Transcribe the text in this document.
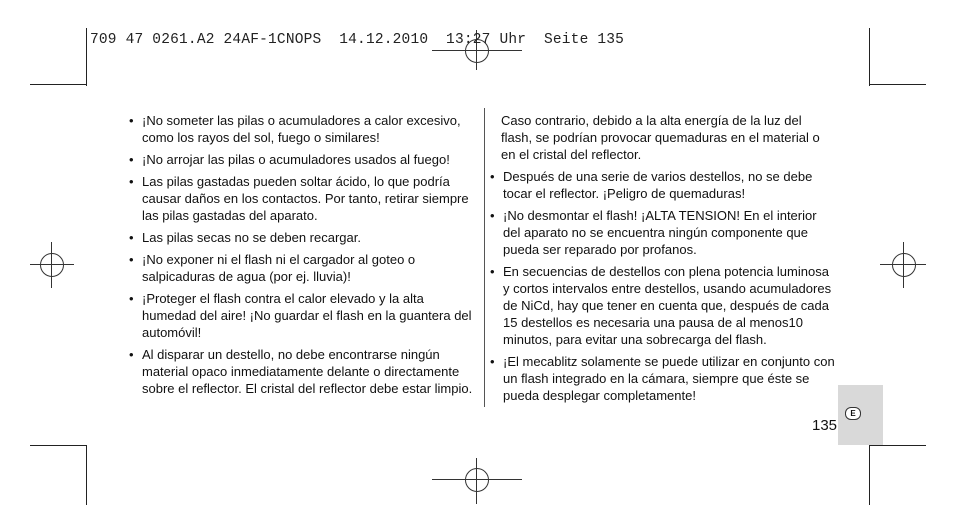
709 47 0261.A2 24AF-1CNOPS  14.12.2010  13:27 Uhr  Seite 135
• ¡No someter las pilas o acumuladores a calor excesivo, como los rayos del sol, fuego o similares!
• ¡No arrojar las pilas o acumuladores usados al fuego!
• Las pilas gastadas pueden soltar ácido, lo que podría causar daños en los contactos. Por tanto, retirar siempre las pilas gastadas del aparato.
• Las pilas secas no se deben recargar.
• ¡No exponer ni el flash ni el cargador al goteo o salpicaduras de agua (por ej. lluvia)!
• ¡Proteger el flash contra el calor elevado y la alta humedad del aire! ¡No guardar el flash en la guantera del automóvil!
• Al disparar un destello, no debe encontrarse ningún material opaco inmediatamente delante o directamente sobre el reflector. El cristal del reflector debe estar limpio.
Caso contrario, debido a la alta energía de la luz del flash, se podrían provocar quemaduras en el material o en el cristal del reflector.
• Después de una serie de varios destellos, no se debe tocar el reflector. ¡Peligro de quemaduras!
• ¡No desmontar el flash! ¡ALTA TENSION! En el interior del aparato no se encuentra ningún componente que pueda ser reparado por profanos.
• En secuencias de destellos con plena potencia luminosa y cortos intervalos entre destellos, usando acumuladores de NiCd, hay que tener en cuenta que, después de cada 15 destellos es necesaria una pausa de al menos10 minutos, para evitar una sobrecarga del flash.
• ¡El mecablitz solamente se puede utilizar en conjunto con un flash integrado en la cámara, siempre que éste se pueda desplegar completamente!
E
135
